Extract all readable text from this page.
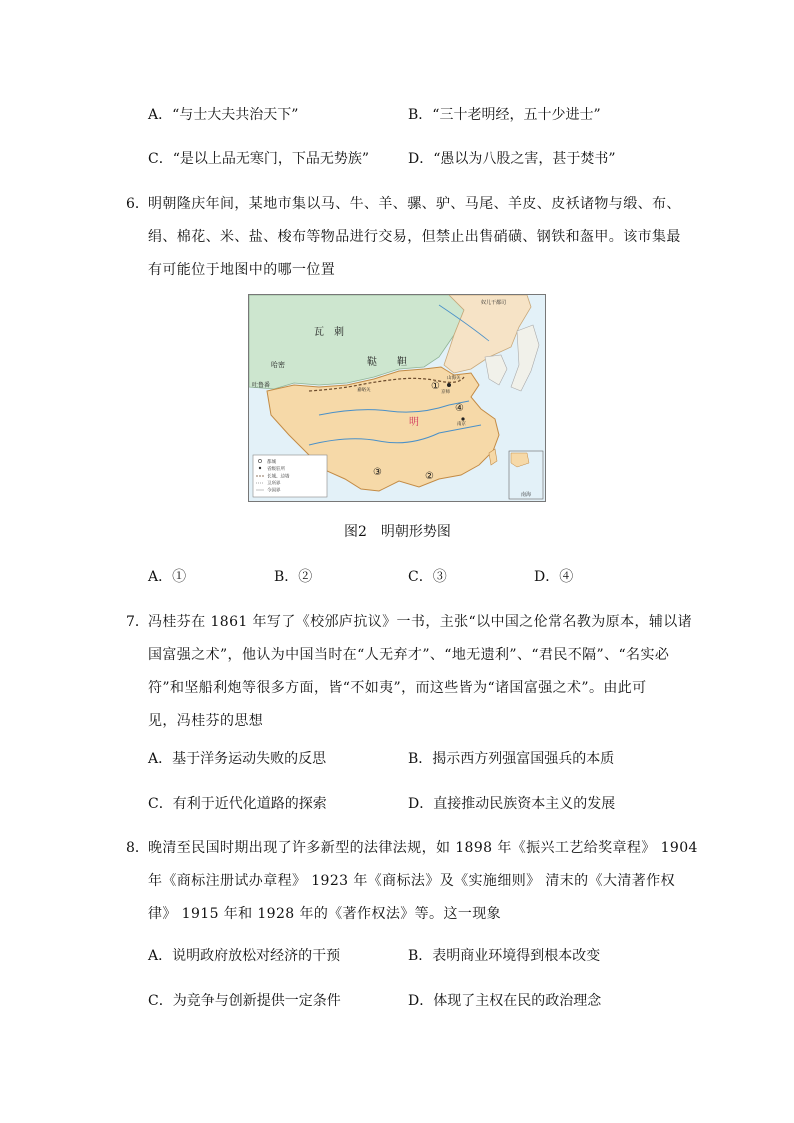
A．“与士大夫共治天下”	B．“三十老明经，五十少进士”
C．“是以上品无寒门，下品无势族”	D．“愚以为八股之害，甚于焚书”
6． 明朝隆庆年间，某地市集以马、牛、羊、骡、驴、马尾、羊皮、皮袄诸物与缎、布、
绢、棉花、米、盐、梭布等物品进行交易，但禁止出售硝磺、钢铁和盔甲。该市集最
有可能位于地图中的哪一位置
都城
省级驻所
长城、边墙
卫所界
今国界
南海
瓦　刺
鞑　　靼
吐鲁番
哈密
明
奴儿干都司
嘉峪关
山海关
京师
南京
①
②
③
④
图2　明朝形势图
A．①	B．②	C．③	D．④
7． 冯桂芬在 1861 年写了《校邠庐抗议》一书，主张“以中国之伦常名教为原本，辅以诸
国富强之术”，他认为中国当时在“人无弃才”、“地无遗利”、“君民不隔”、“名实必
符”和坚船利炮等很多方面，皆“不如夷”，而这些皆为“诸国富强之术”。由此可
见，冯桂芬的思想
A．基于洋务运动失败的反思	B．揭示西方列强富国强兵的本质
C．有利于近代化道路的探索	D．直接推动民族资本主义的发展
8． 晚清至民国时期出现了许多新型的法律法规，如 1898 年《振兴工艺给奖章程》 1904
年《商标注册试办章程》 1923 年《商标法》及《实施细则》 清末的《大清著作权
律》 1915 年和 1928 年的《著作权法》等。这一现象
A．说明政府放松对经济的干预	B．表明商业环境得到根本改变
C．为竞争与创新提供一定条件	D．体现了主权在民的政治理念
